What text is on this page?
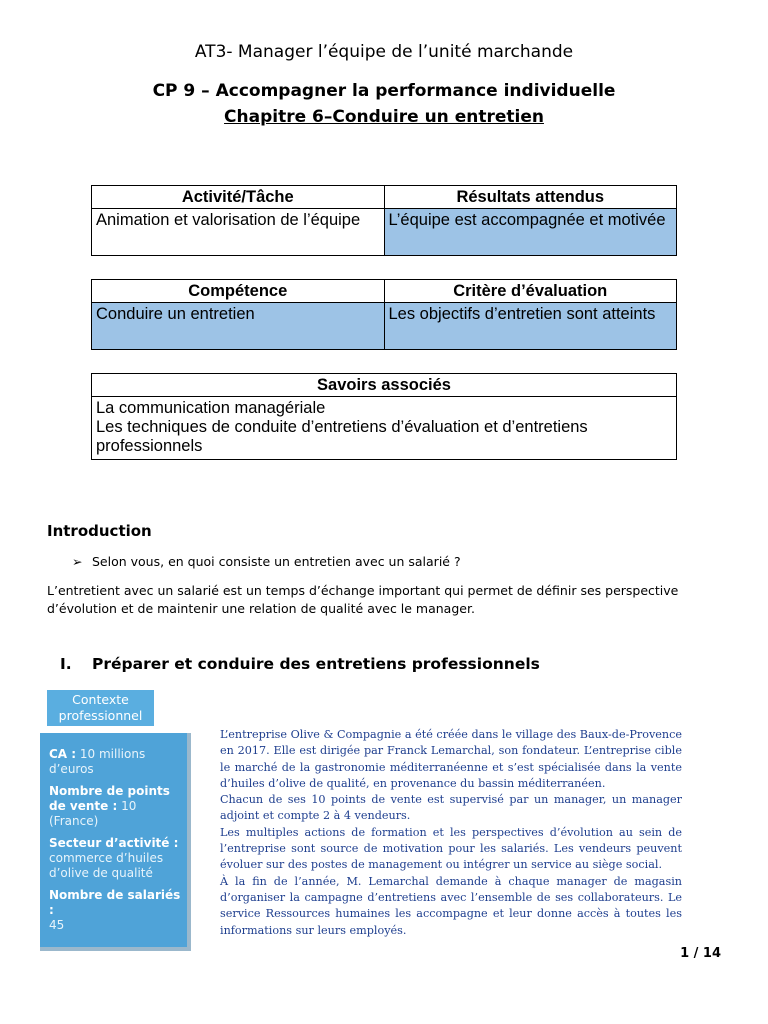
AT3- Manager l’équipe de l’unité marchande
CP 9 – Accompagner la performance individuelle
Chapitre 6–Conduire un entretien
Activité/Tâche	Résultats attendus
Animation et valorisation de l’équipe	L’équipe est accompagnée et motivée
Compétence	Critère d’évaluation
Conduire un entretien	Les objectifs d’entretien sont atteints
Savoirs associés

La communication managériale
Les techniques de conduite d’entretiens d’évaluation et d’entretiens professionnels
Introduction
➢ Selon vous, en quoi consiste un entretien avec un salarié ?
L’entretient avec un salarié est un temps d’échange important qui permet de définir ses perspective d’évolution et de maintenir une relation de qualité avec le manager.
I. Préparer et conduire des entretiens professionnels
Contexte
professionnel
CA : 10 millions d’euros
Nombre de points de vente : 10 (France)
Secteur d’activité :
commerce d’huiles d’olive de qualité
Nombre de salariés :
45

L’entreprise Olive & Compagnie a été créée dans le village des Baux-de-Provence en 2017. Elle est dirigée par Franck Lemarchal, son fondateur. L’entreprise cible le marché de la gastronomie méditerranéenne et s’est spécialisée dans la vente d’huiles d’olive de qualité, en provenance du bassin méditerranéen.

Chacun de ses 10 points de vente est supervisé par un manager, un manager adjoint et compte 2 à 4 vendeurs.

Les multiples actions de formation et les perspectives d’évolution au sein de l’entreprise sont source de motivation pour les salariés. Les vendeurs peuvent évoluer sur des postes de management ou intégrer un service au siège social.

À la fin de l’année, M. Lemarchal demande à chaque manager de magasin d’organiser la campagne d’entretiens avec l’ensemble de ses collaborateurs. Le service Ressources humaines les accompagne et leur donne accès à toutes les informations sur leurs employés.

1 / 14
